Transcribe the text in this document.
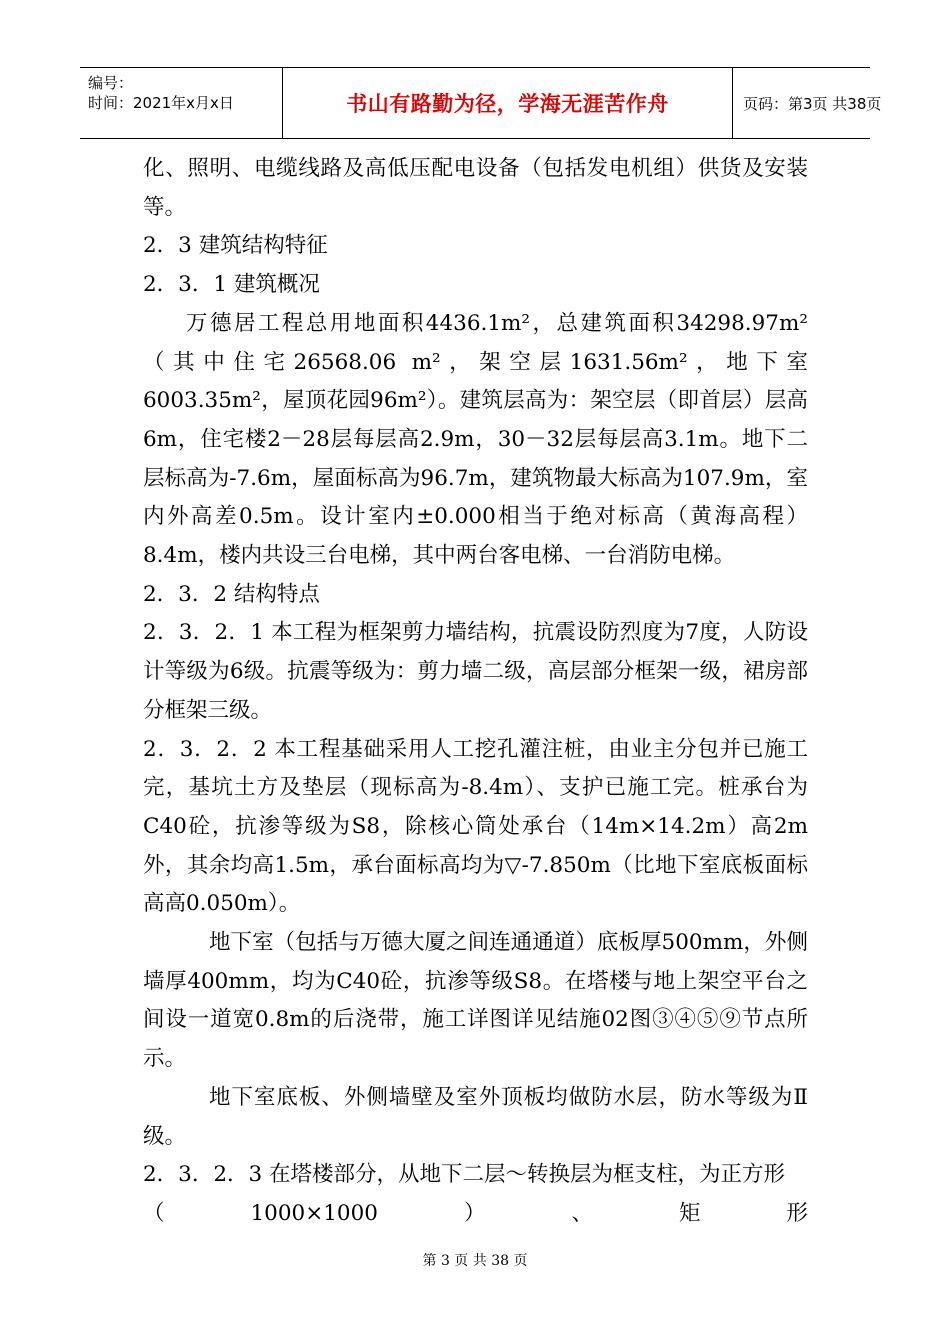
编号：
时间：2021年x月x日	书山有路勤为径，学海无涯苦作舟	页码：第3页 共38页

化、照明、电缆线路及高低压配电设备（包括发电机组）供货及安装等。

2．3 建筑结构特征

2．3．1 建筑概况

万德居工程总用地面积4436.1m²，总建筑面积34298.97m²（其中住宅26568.06 m²，架空层1631.56m²，地下室6003.35m²，屋顶花园96m²）。建筑层高为：架空层（即首层）层高6m，住宅楼2－28层每层高2.9m，30－32层每层高3.1m。地下二层标高为-7.6m，屋面标高为96.7m，建筑物最大标高为107.9m，室内外高差0.5m。设计室内±0.000相当于绝对标高（黄海高程）8.4m，楼内共设三台电梯，其中两台客电梯、一台消防电梯。

2．3．2 结构特点

2．3．2．1 本工程为框架剪力墙结构，抗震设防烈度为7度，人防设计等级为6级。抗震等级为：剪力墙二级，高层部分框架一级，裙房部分框架三级。

2．3．2．2 本工程基础采用人工挖孔灌注桩，由业主分包并已施工完，基坑土方及垫层（现标高为-8.4m）、支护已施工完。桩承台为C40砼，抗渗等级为S8，除核心筒处承台（14m×14.2m）高2m外，其余均高1.5m，承台面标高均为▽-7.850m（比地下室底板面标高高0.050m）。

地下室（包括与万德大厦之间连通通道）底板厚500mm，外侧墙厚400mm，均为C40砼，抗渗等级S8。在塔楼与地上架空平台之间设一道宽0.8m的后浇带，施工详图详见结施02图③④⑤⑨节点所示。

地下室底板、外侧墙壁及室外顶板均做防水层，防水等级为Ⅱ级。

2．3．2．3 在塔楼部分，从地下二层～转换层为框支柱，为正方形

（	1000×1000	）	、	矩	形
第 3 页 共 38 页
